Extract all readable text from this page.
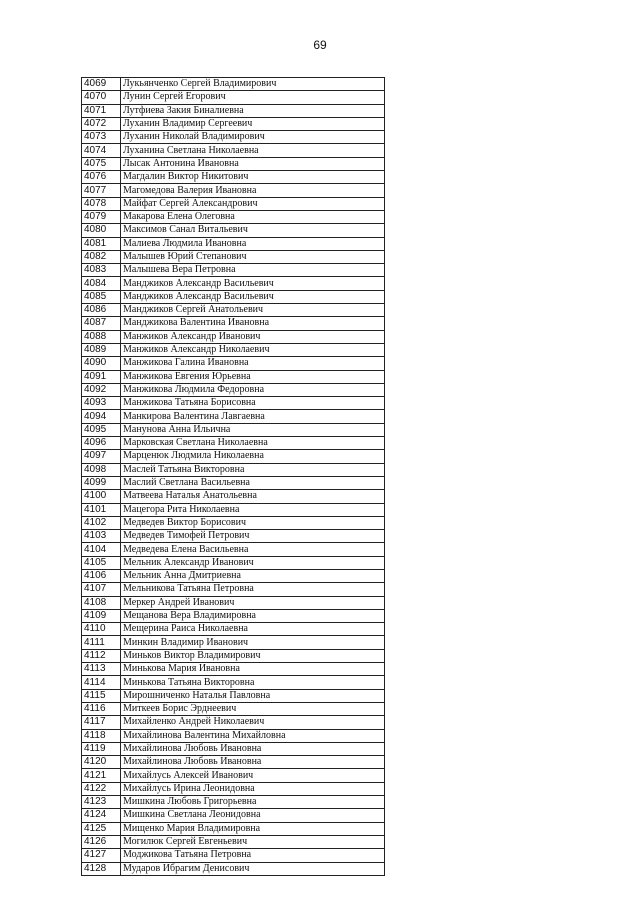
69
4069	Лукьянченко Сергей Владимирович
4070	Лунин Сергей Егорович
4071	Лутфиева Закия Биналиевна
4072	Луханин Владимир Сергеевич
4073	Луханин Николай Владимирович
4074	Луханина Светлана Николаевна
4075	Лысак Антонина Ивановна
4076	Магдалин Виктор Никитович
4077	Магомедова Валерия Ивановна
4078	Майфат Сергей Александрович
4079	Макарова Елена Олеговна
4080	Максимов Санал Витальевич
4081	Малиева Людмила Ивановна
4082	Малышев Юрий Степанович
4083	Малышева Вера Петровна
4084	Манджиков Александр Васильевич
4085	Манджиков Александр Васильевич
4086	Манджиков Сергей Анатольевич
4087	Манджикова Валентина Ивановна
4088	Манжиков Александр Иванович
4089	Манжиков Александр Николаевич
4090	Манжикова Галина Ивановна
4091	Манжикова Евгения Юрьевна
4092	Манжикова Людмила Федоровна
4093	Манжикова Татьяна Борисовна
4094	Манкирова Валентина Лавгаевна
4095	Манунова Анна Ильична
4096	Марковская Светлана Николаевна
4097	Марценюк Людмила Николаевна
4098	Маслей Татьяна Викторовна
4099	Маслий Светлана Васильевна
4100	Матвеева Наталья Анатольевна
4101	Мацегора Рита Николаевна
4102	Медведев Виктор Борисович
4103	Медведев Тимофей Петрович
4104	Медведева Елена Васильевна
4105	Мельник Александр Иванович
4106	Мельник Анна Дмитриевна
4107	Мельникова Татьяна Петровна
4108	Меркер Андрей Иванович
4109	Мещанова Вера Владимировна
4110	Мещерина Раиса Николаевна
4111	Минкин Владимир Иванович
4112	Миньков Виктор Владимирович
4113	Минькова Мария Ивановна
4114	Минькова Татьяна Викторовна
4115	Мирошниченко Наталья Павловна
4116	Миткеев Борис Эрднеевич
4117	Михайленко Андрей Николаевич
4118	Михайлинова Валентина Михайловна
4119	Михайлинова Любовь Ивановна
4120	Михайлинова Любовь Ивановна
4121	Михайлусь Алексей Иванович
4122	Михайлусь Ирина Леонидовна
4123	Мишкина Любовь Григорьевна
4124	Мишкина Светлана Леонидовна
4125	Мищенко Мария Владимировна
4126	Могилюк Сергей Евгеньевич
4127	Моджикова Татьяна Петровна
4128	Мударов Ибрагим Денисович
